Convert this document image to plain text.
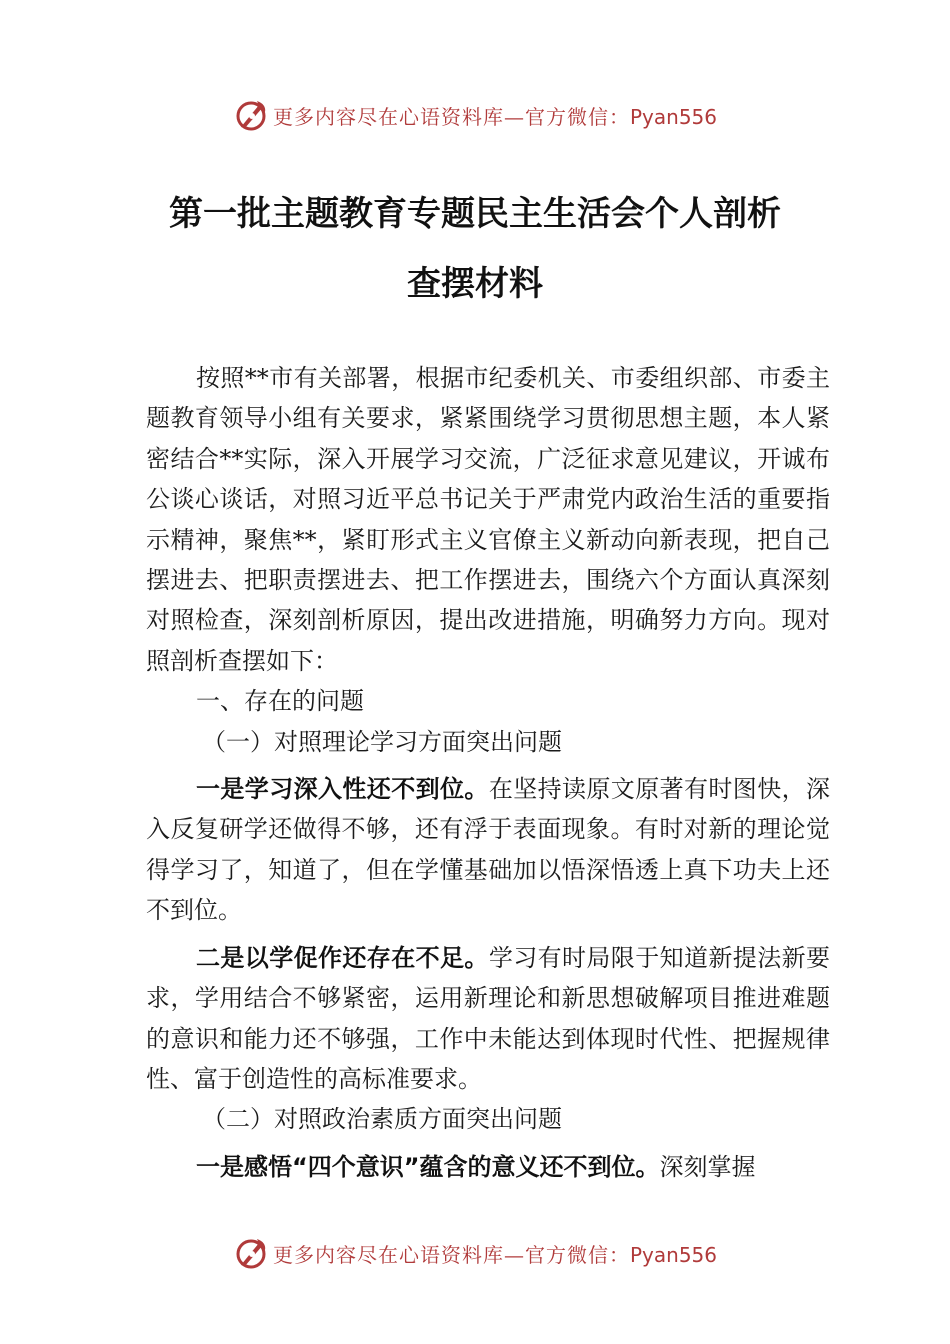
更多内容尽在心语资料库—官方微信：Pyan556
第一批主题教育专题民主生活会个人剖析
查摆材料

按照**市有关部署，根据市纪委机关、市委组织部、市委主题教育领导小组有关要求，紧紧围绕学习贯彻思想主题，本人紧密结合**实际，深入开展学习交流，广泛征求意见建议，开诚布公谈心谈话，对照习近平总书记关于严肃党内政治生活的重要指示精神，聚焦**，紧盯形式主义官僚主义新动向新表现，把自己摆进去、把职责摆进去、把工作摆进去，围绕六个方面认真深刻对照检查，深刻剖析原因，提出改进措施，明确努力方向。现对照剖析查摆如下：

一、存在的问题

（一）对照理论学习方面突出问题

一是学习深入性还不到位。在坚持读原文原著有时图快，深入反复研学还做得不够，还有浮于表面现象。有时对新的理论觉得学习了，知道了，但在学懂基础加以悟深悟透上真下功夫上还不到位。

二是以学促作还存在不足。学习有时局限于知道新提法新要求，学用结合不够紧密，运用新理论和新思想破解项目推进难题的意识和能力还不够强，工作中未能达到体现时代性、把握规律性、富于创造性的高标准要求。

（二）对照政治素质方面突出问题

一是感悟“四个意识”蕴含的意义还不到位。深刻掌握

更多内容尽在心语资料库—官方微信：Pyan556
